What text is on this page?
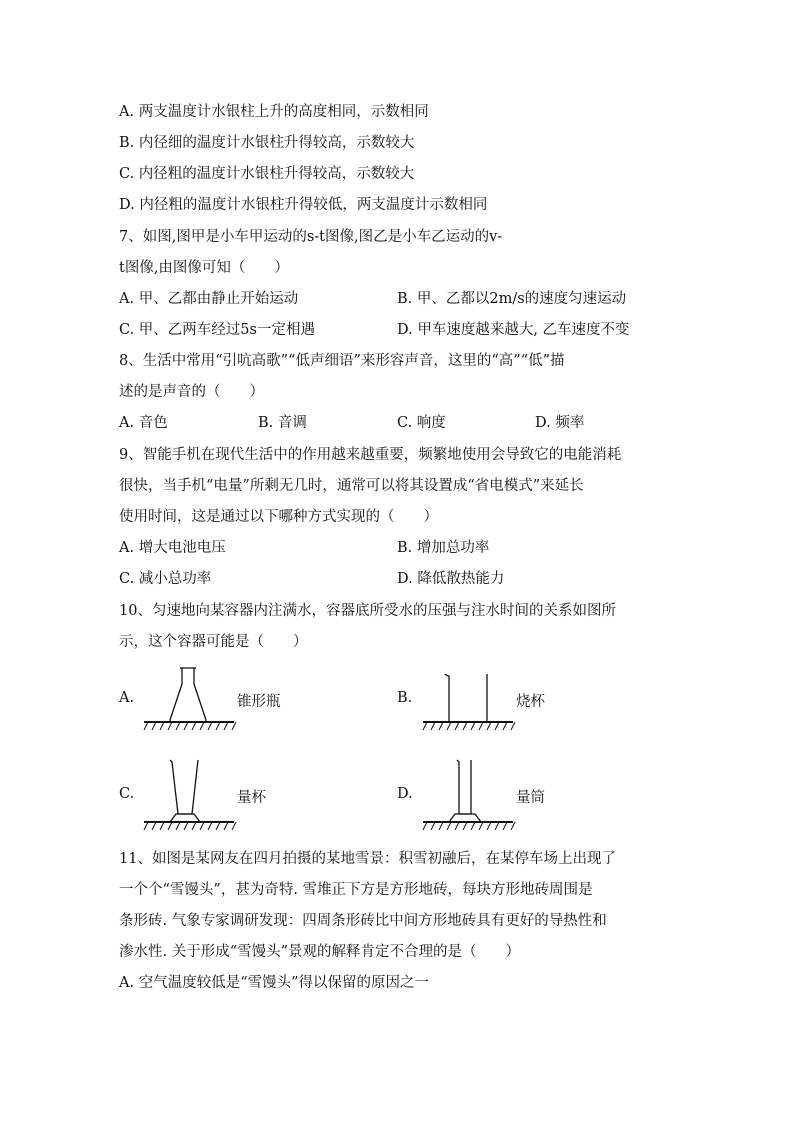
A. 两支温度计水银柱上升的高度相同，示数相同
B. 内径细的温度计水银柱升得较高，示数较大
C. 内径粗的温度计水银柱升得较高，示数较大
D. 内径粗的温度计水银柱升得较低，两支温度计示数相同
7、如图,图甲是小车甲运动的s-t图像,图乙是小车乙运动的v-
t图像,由图像可知（　　）
A. 甲、乙都由静止开始运动	B. 甲、乙都以2m/s的速度匀速运动
C. 甲、乙两车经过5s一定相遇	D. 甲车速度越来越大, 乙车速度不变
8、生活中常用“引吭高歌”“低声细语”来形容声音，这里的“高”“低”描
述的是声音的（　　）
A. 音色	B. 音调	C. 响度	D. 频率
9、智能手机在现代生活中的作用越来越重要，频繁地使用会导致它的电能消耗
很快，当手机“电量”所剩无几时，通常可以将其设置成“省电模式”来延长
使用时间，这是通过以下哪种方式实现的（　　）
A. 增大电池电压	B. 增加总功率
C. 减小总功率	D. 降低散热能力
10、匀速地向某容器内注满水，容器底所受水的压强与注水时间的关系如图所
示，这个容器可能是（　　）
A.	锥形瓶	B.	烧杯
C.	量杯	D.	量筒
11、如图是某网友在四月拍摄的某地雪景：积雪初融后，在某停车场上出现了
一个个“雪馒头”，甚为奇特. 雪堆正下方是方形地砖，每块方形地砖周围是
条形砖. 气象专家调研发现：四周条形砖比中间方形地砖具有更好的导热性和
渗水性. 关于形成“雪馒头”景观的解释肯定不合理的是（　　）
A. 空气温度较低是“雪馒头”得以保留的原因之一
